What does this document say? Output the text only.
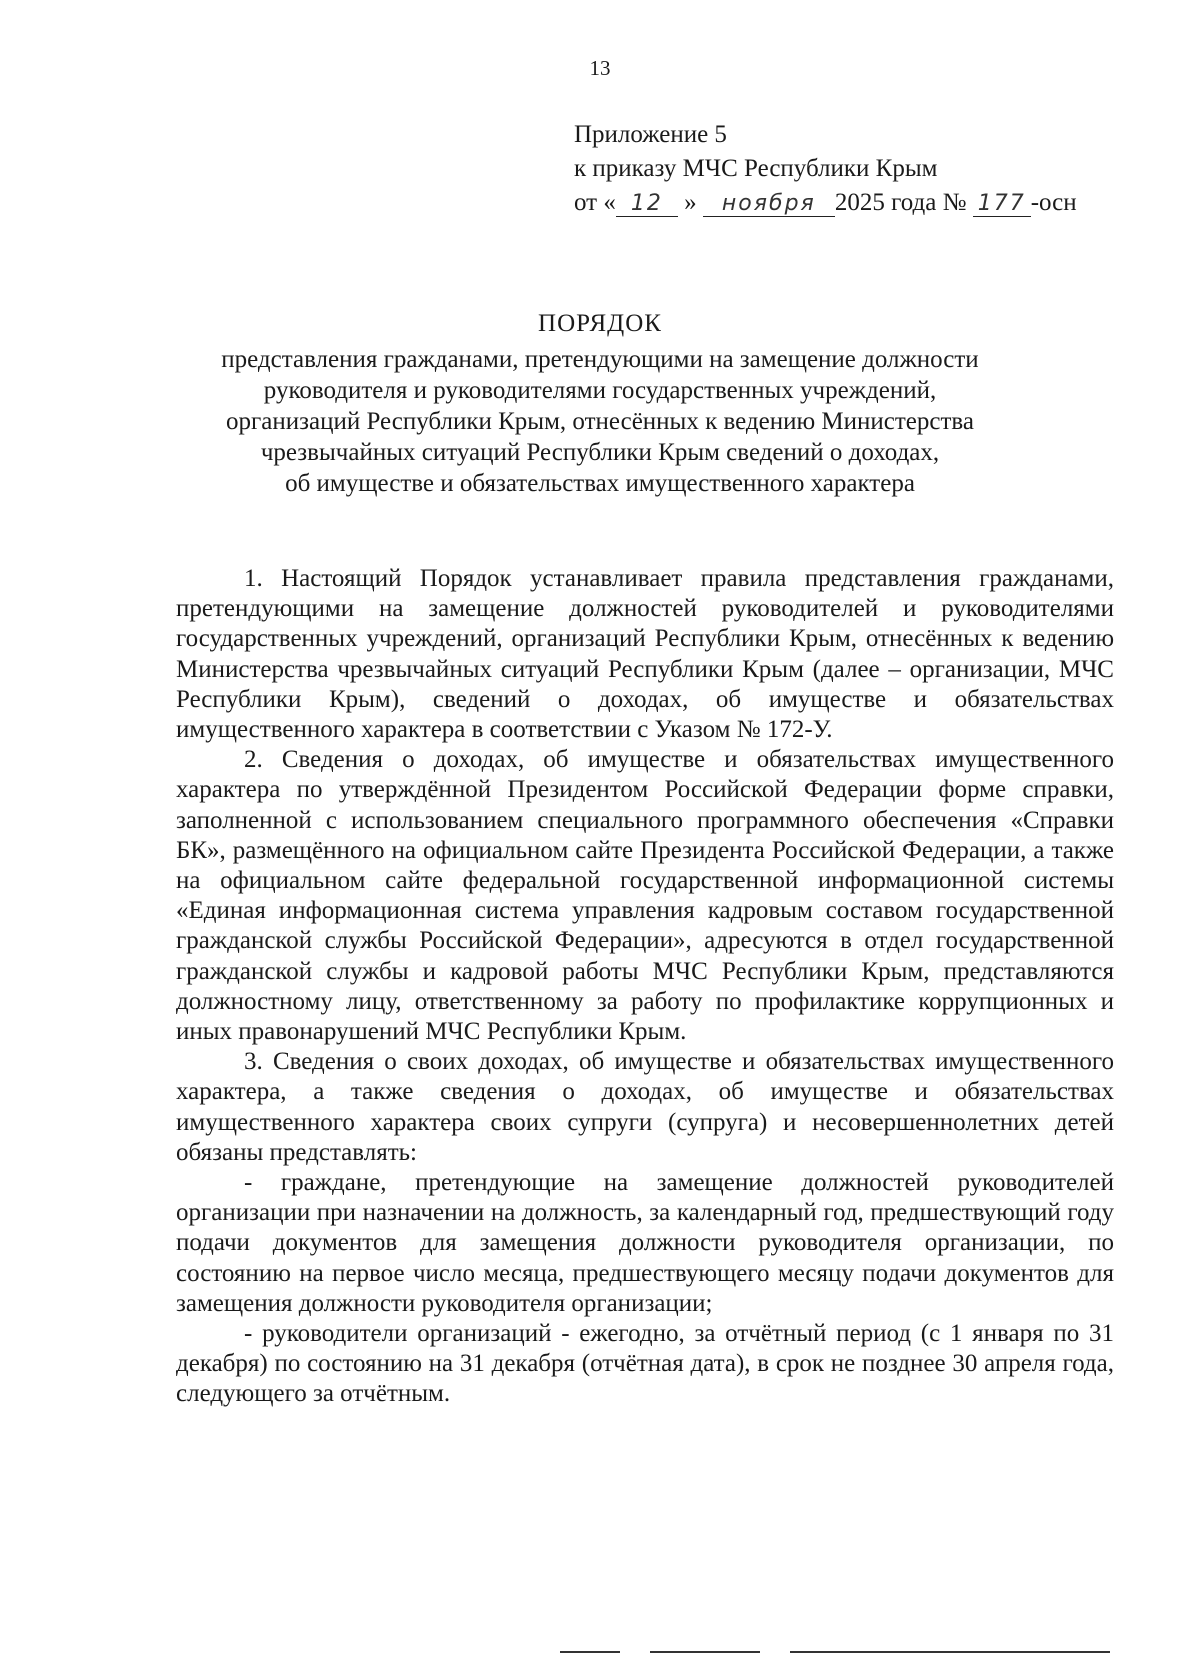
13
Приложение 5
к приказу МЧС Республики Крым
от « 12 » ноября 2025 года № 177 -осн
ПОРЯДОК
представления гражданами, претендующими на замещение должности
руководителя и руководителями государственных учреждений,
организаций Республики Крым, отнесённых к ведению Министерства
чрезвычайных ситуаций Республики Крым сведений о доходах,
об имуществе и обязательствах имущественного характера

1. Настоящий Порядок устанавливает правила представления гражданами, претендующими на замещение должностей руководителей и руководителями государственных учреждений, организаций Республики Крым, отнесённых к ведению Министерства чрезвычайных ситуаций Республики Крым (далее – организации, МЧС Республики Крым), сведений о доходах, об имуществе и обязательствах имущественного характера в соответствии с Указом № 172-У.

2. Сведения о доходах, об имуществе и обязательствах имущественного характера по утверждённой Президентом Российской Федерации форме справки, заполненной с использованием специального программного обеспечения «Справки БК», размещённого на официальном сайте Президента Российской Федерации, а также на официальном сайте федеральной государственной информационной системы «Единая информационная система управления кадровым составом государственной гражданской службы Российской Федерации», адресуются в отдел государственной гражданской службы и кадровой работы МЧС Республики Крым, представляются должностному лицу, ответственному за работу по профилактике коррупционных и иных правонарушений МЧС Республики Крым.

3. Сведения о своих доходах, об имуществе и обязательствах имущественного характера, а также сведения о доходах, об имуществе и обязательствах имущественного характера своих супруги (супруга) и несовершеннолетних детей обязаны представлять:

- граждане, претендующие на замещение должностей руководителей организации при назначении на должность, за календарный год, предшествующий году подачи документов для замещения должности руководителя организации, по состоянию на первое число месяца, предшествующего месяцу подачи документов для замещения должности руководителя организации;

- руководители организаций - ежегодно, за отчётный период (с 1 января по 31 декабря) по состоянию на 31 декабря (отчётная дата), в срок не позднее 30 апреля года, следующего за отчётным.
